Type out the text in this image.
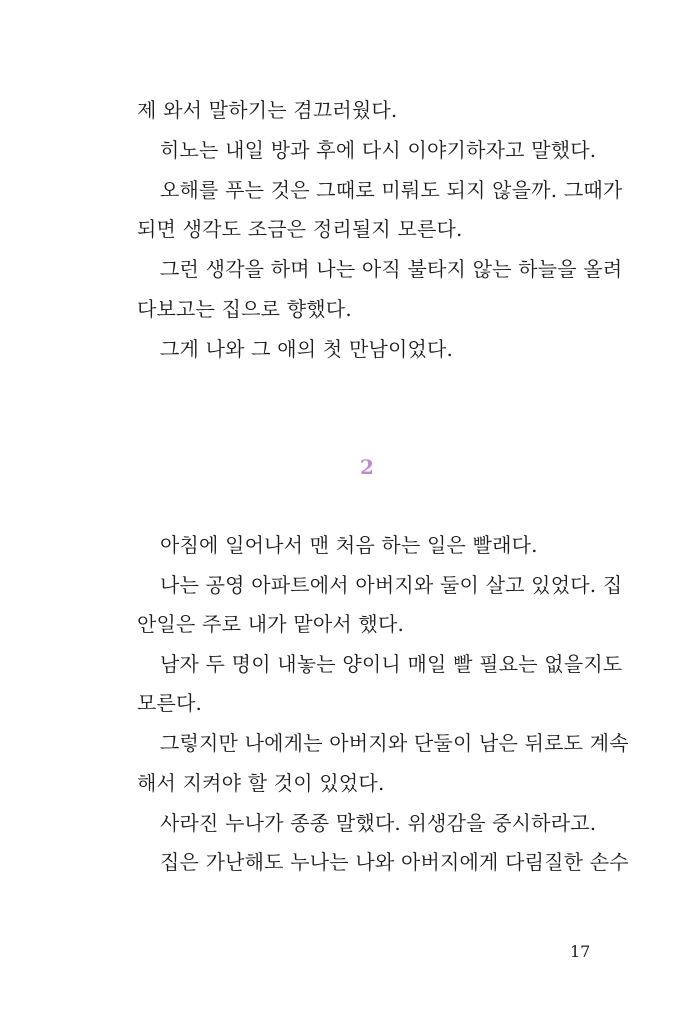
제 와서 말하기는 겸끄러웠다.
히노는 내일 방과 후에 다시 이야기하자고 말했다.
오해를 푸는 것은 그때로 미뤄도 되지 않을까. 그때가
되면 생각도 조금은 정리될지 모른다.
그런 생각을 하며 나는 아직 불타지 않는 하늘을 올려
다보고는 집으로 향했다.
그게 나와 그 애의 첫 만남이었다.
2
아침에 일어나서 맨 처음 하는 일은 빨래다.
나는 공영 아파트에서 아버지와 둘이 살고 있었다. 집
안일은 주로 내가 맡아서 했다.
남자 두 명이 내놓는 양이니 매일 빨 필요는 없을지도
모른다.
그렇지만 나에게는 아버지와 단둘이 남은 뒤로도 계속
해서 지켜야 할 것이 있었다.
사라진 누나가 종종 말했다. 위생감을 중시하라고.
집은 가난해도 누나는 나와 아버지에게 다림질한 손수
17
